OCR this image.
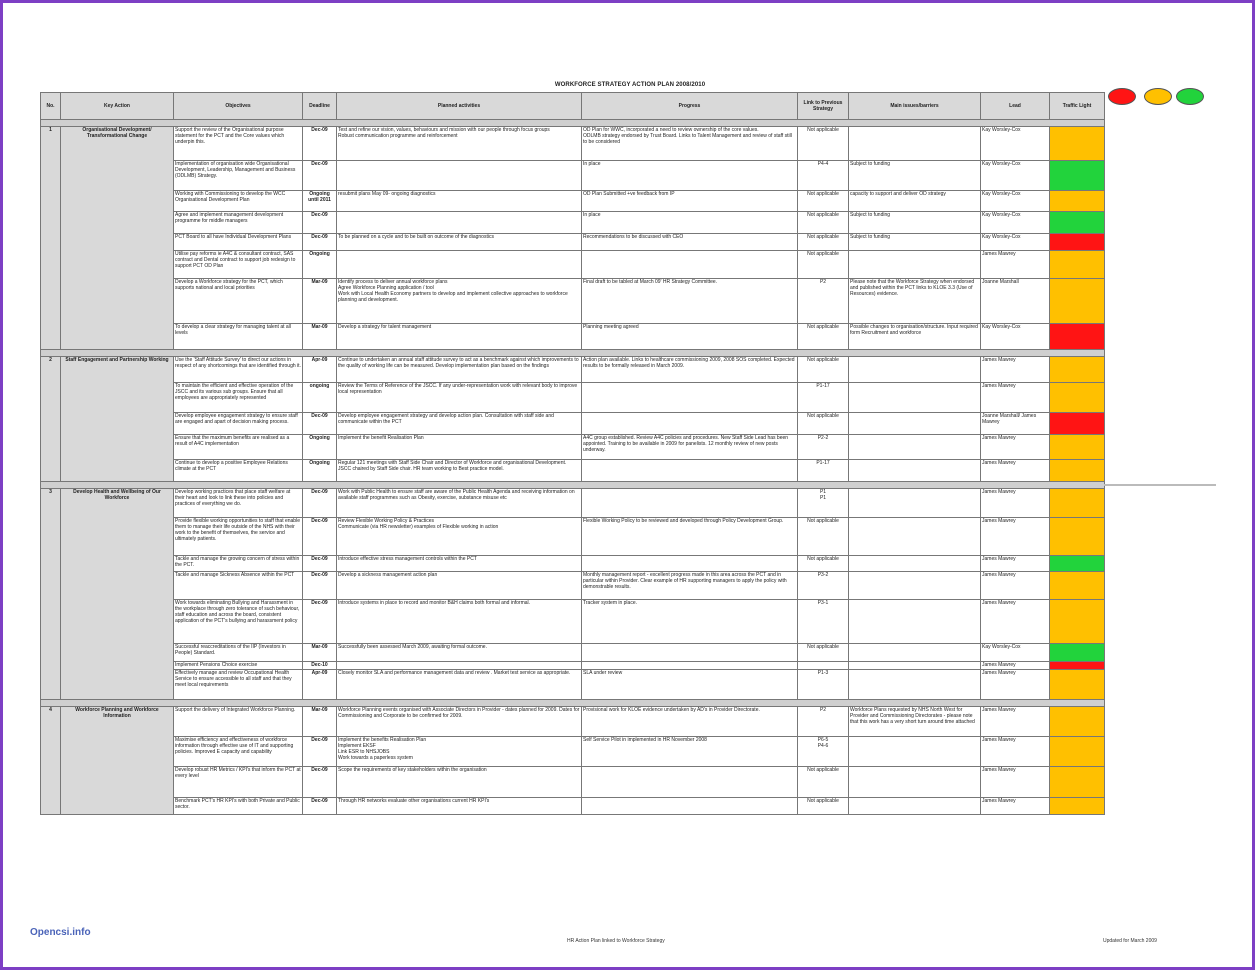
WORKFORCE STRATEGY ACTION PLAN 2008/2010
No.	Key Action	Objectives	Deadline	Planned activities	Progress	Link to Previous Strategy	Main issues/barriers	Lead	Traffic Light

1	Organisational Development/ Transformational Change	Support the review of the Organisational purpose statement for the PCT and the Core values which underpin this.	Dec-09	Test and refine our vision, values, behaviours and mission with our people through focus groups
Robust communication programme and reinforcement	OD Plan for WWC, incorporated a need to review ownership of the core values.
ODLMB strategy endorsed by Trust Board. Links to Talent Management and review of staff still to be considered	Not applicable		Kay Worsley-Cox	
		Implementation of organisation wide Organisational Development, Leadership, Management and Business (ODLMB) Strategy.	Dec-09		In place	P4-4	Subject to funding	Kay Worsley-Cox	
		Working with Commissioning to develop the WCC Organisational Development Plan	Ongoing until 2011	resubmit plans May 09- ongoing diagnostics	OD Plan Submitted +ve feedback from IP	Not applicable	capacity to support and deliver OD strategy	Kay Worsley-Cox	
		Agree and implement management development programme for middle managers	Dec-09		In place	Not applicable	Subject to funding	Kay Worsley-Cox	
		PCT Board to all have Individual Development Plans	Dec-09	To be planned on a cycle and to be built on outcome of the diagnostics	Recommendations to be discussed with CEO	Not applicable	Subject to funding	Kay Worsley-Cox	
		Utilise pay reforms ie A4C & consultant contract, SAS contract and Dental contract to support job redesign to support PCT OD Plan	Ongoing			Not applicable		James Mawrey	
		Develop a Workforce strategy for the PCT, which supports national and local priorities	Mar-09	Identify process to deliver annual workforce plans
Agree Workforce Planning application / tool
Work with Local Health Economy partners to develop and implement collective approaches to workforce planning and development.	Final draft to be tabled at March 09' HR Strategy Committee.	P2	Please note that the Workforce Strategy when endorsed and published within the PCT links to KLOE 3.3 (Use of Resources) evidence.	Joanne Marshall	
		To develop a clear strategy for managing talent at all levels	Mar-09	Develop a strategy for talent management	Planning meeting agreed	Not applicable	Possible changes to organisation/structure. Input required form Recruitment and workforce	Kay Worsley-Cox	

2	Staff Engagement and Partnership Working	Use the 'Staff Attitude Survey' to direct our actions in respect of any shortcomings that are identified through it.	Apr-09	Continue to undertaken an annual staff attitude survey to act as a benchmark against which improvements to the quality of working life can be measured. Develop implementation plan based on the findings	Action plan available. Links to healthcare commissioning 2009, 2008 SOS completed. Expected results to be formally released in March 2009.	Not applicable		James Mawrey	
		To maintain the efficient and effective operation of the JSCC and its various sub groups. Ensure that all employees are appropriately represented	ongoing	Review the Terms of Reference of the JSCC. If any under-representation work with relevant body to improve local representation		P1-17		James Mawrey	
		Develop employee engagement strategy to ensure staff are engaged and apart of decision making process.	Dec-09	Develop employee engagement strategy and develop action plan. Consultation with staff side and communicate within the PCT		Not applicable		Joanne Marshall/ James Mawrey	
		Ensure that the maximum benefits are realised as a result of A4C implementation	Ongoing	Implement the benefit Realisation Plan	A4C group established. Review A4C policies and procedures. New Staff Side Lead has been appointed. Training to be available in 2009 for panelists. 12 monthly review of new posts underway.	P2-2		James Mawrey	
		Continue to develop a positive Employee Relations climate at the PCT	Ongoing	Regular 121 meetings with Staff Side Chair and Director of Workforce and organisational Development. JSCC chaired by Staff Side chair. HR team working to Best practice model.		P1-17		James Mawrey	

3	Develop Health and Wellbeing of Our Workforce	Develop working practices that place staff welfare at their heart and look to link these into policies and practices of everything we do.	Dec-09	Work with Public Health to ensure staff are aware of the Public Health Agenda and receiving information on available staff programmes such as Obesity, exercise, substance misuse etc		P1
P1		James Mawrey	
		Provide flexible working opportunities to staff that enable them to manage their life outside of the NHS with their work to the benefit of themselves, the service and ultimately patients.	Dec-09	Review Flexible Working Policy & Practices
Communicate (via HR newsletter) examples of Flexible working in action	Flexible Working Policy to be reviewed and developed through Policy Development Group.	Not applicable		James Mawrey	
		Tackle and manage the growing concern of stress within the PCT.	Dec-09	Introduce effective stress management controls within the PCT		Not applicable		James Mawrey	
		Tackle and manage Sickness Absence within the PCT	Dec-09	Develop a sickness management action plan	Monthly management report - excellent progress made in this area across the PCT and in particular within Provider. Clear example of HR supporting managers to apply the policy with demonstrable results.	P3-2		James Mawrey	
		Work towards eliminating Bullying and Harassment in the workplace through zero tolerance of such behaviour, staff education and across the board, consistent application of the PCT's bullying and harassment policy	Dec-09	Introduce systems in place to record and monitor B&H claims both formal and informal.	Tracker system in place.	P3-1		James Mawrey	
		Successful reaccreditations of the IIP (Investors in People) Standard.	Mar-09	Successfully been assessed March 2009, awaiting formal outcome.		Not applicable		Kay Worsley-Cox	
		Implement Pensions Choice exercise	Dec-10					James Mawrey	
		Effectively manage and review Occupational Health Service to ensure accessible to all staff and that they meet local requirements	Apr-09	Closely monitor SLA and performance management data and review . Market test service as appropriate.	SLA under review	P1-3		James Mawrey	

4	Workforce Planning and Workforce Information	Support the delivery of Integrated Workforce Planning.	Mar-09	Workforce Planning events organised with Associate Directors in Provider - dates planned for 2009. Dates for Commissioning and Corporate to be confirmed for 2009.	Provisional work for KLOE evidence undertaken by AD's in Provider Directorate.	P2	Workforce Plans requested by NHS North West for Provider and Commissioning Directorates - please note that this work has a very short turn around time attached	James Mawrey	
		Maximise efficiency and effectiveness of workforce information through effective use of IT and supporting policies. Improved E capacity and capability	Dec-09	Implement the benefits Realisation Plan
Implement EKSF
Link ESR to NHSJOBS
Work towards a paperless system	Self Service Pilot in implemented in HR November 2008	P6-5
P4-6		James Mawrey	
		Develop robust HR Metrics / KPI's that inform the PCT at every level	Dec-09	Scope the requirements of key stakeholders within the organisation		Not applicable		James Mawrey	
		Benchmark PCT's HR KPI's with both Private and Public sector.	Dec-09	Through HR networks evaluate other organisations current HR KPI's		Not applicable		James Mawrey	
Opencsi.info
HR Action Plan linked to Workforce Strategy	Updated for March 2009
